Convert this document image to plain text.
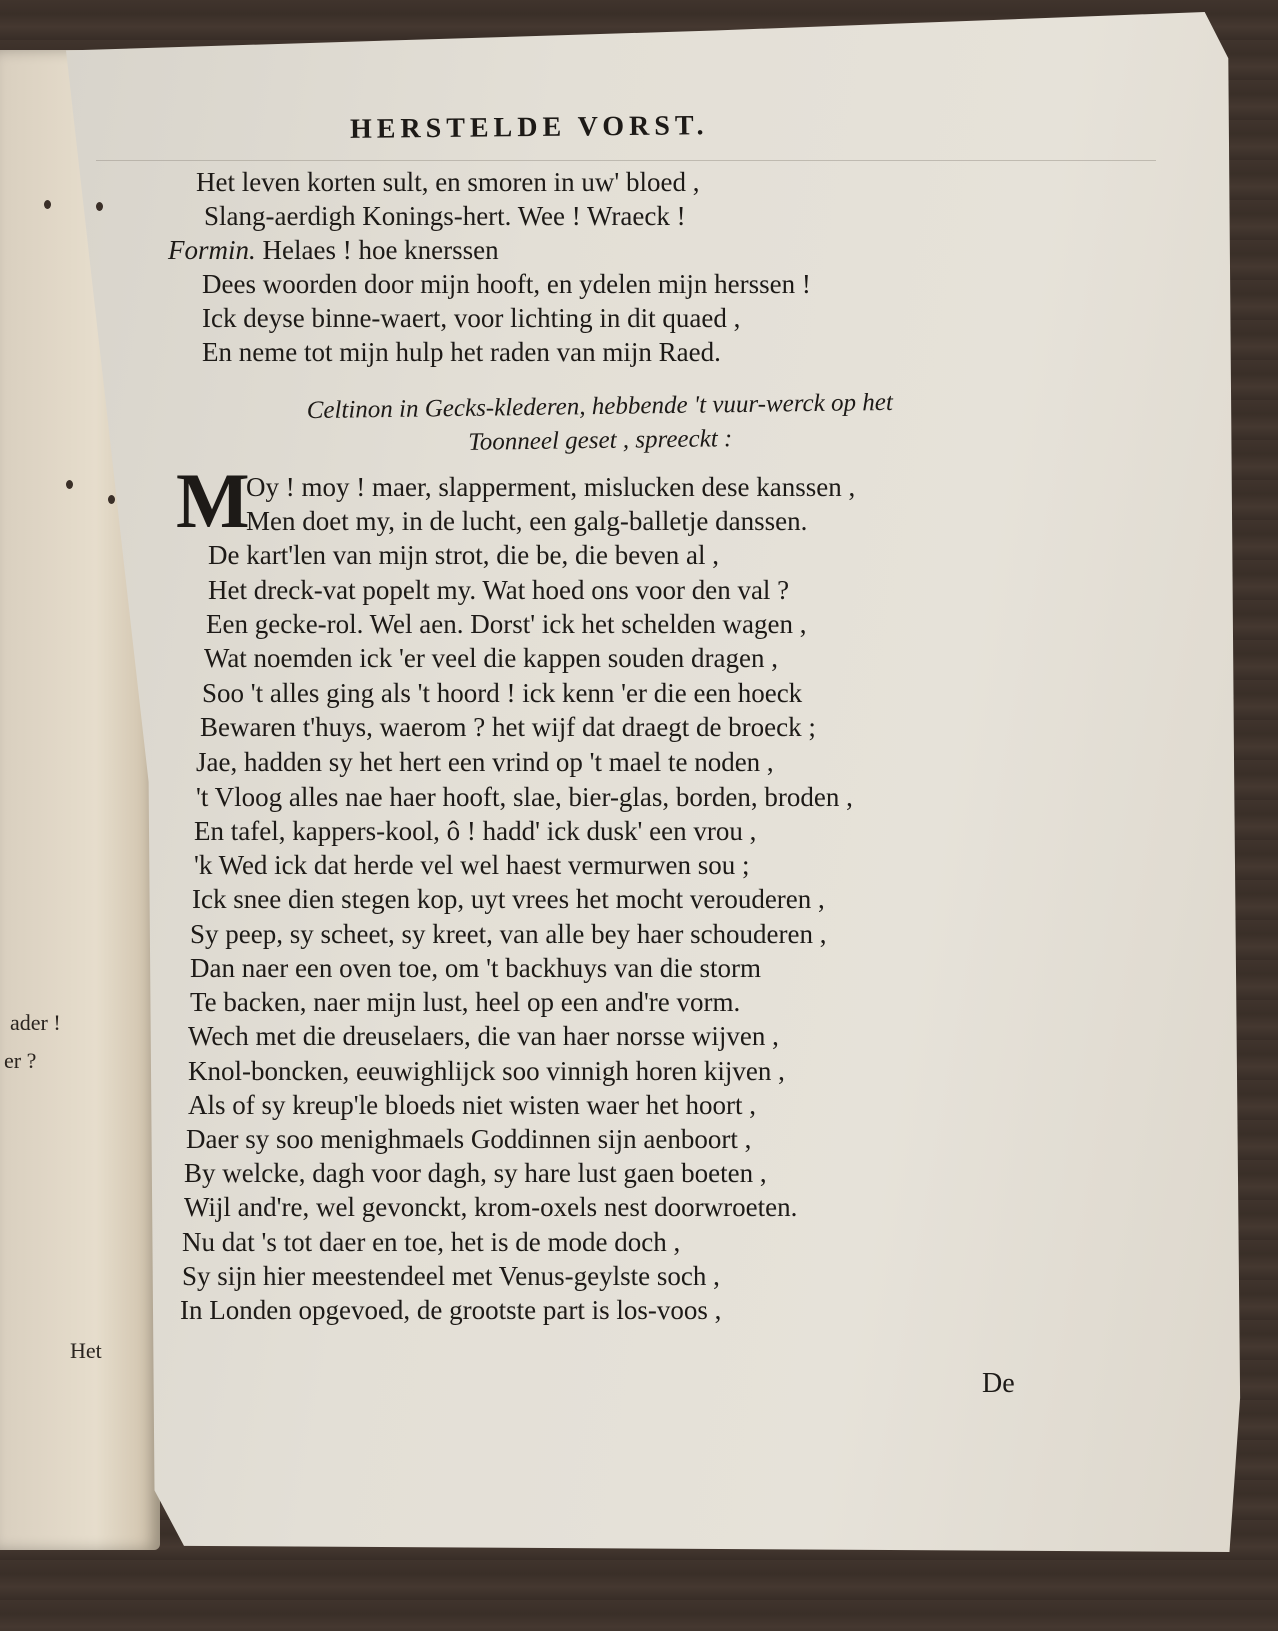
ader !
er ?
Het
HERSTELDE VORST.
Het leven korten sult, en smoren in uw' bloed ,
Slang-aerdigh Konings-hert. Wee ! Wraeck !
Formin. Helaes ! hoe knerssen
Dees woorden door mijn hooft, en ydelen mijn herssen !
Ick deyse binne-waert, voor lichting in dit quaed ,
En neme tot mijn hulp het raden van mijn Raed.
Celtinon in Gecks-klederen, hebbende 't vuur-werck op het
Toonneel geset , spreeckt :
M
Oy ! moy ! maer, slapperment, mislucken dese kanssen ,
Men doet my, in de lucht, een galg-balletje danssen.
De kart'len van mijn strot, die be, die beven al ,
Het dreck-vat popelt my. Wat hoed ons voor den val ?
Een gecke-rol. Wel aen. Dorst' ick het schelden wagen ,
Wat noemden ick 'er veel die kappen souden dragen ,
Soo 't alles ging als 't hoord ! ick kenn 'er die een hoeck
Bewaren t'huys, waerom ? het wijf dat draegt de broeck ;
Jae, hadden sy het hert een vrind op 't mael te noden ,
't Vloog alles nae haer hooft, slae, bier-glas, borden, broden ,
En tafel, kappers-kool, ô ! hadd' ick dusk' een vrou ,
'k Wed ick dat herde vel wel haest vermurwen sou ;
Ick snee dien stegen kop, uyt vrees het mocht verouderen ,
Sy peep, sy scheet, sy kreet, van alle bey haer schouderen ,
Dan naer een oven toe, om 't backhuys van die storm
Te backen, naer mijn lust, heel op een and're vorm.
Wech met die dreuselaers, die van haer norsse wijven ,
Knol-boncken, eeuwighlijck soo vinnigh horen kijven ,
Als of sy kreup'le bloeds niet wisten waer het hoort ,
Daer sy soo menighmaels Goddinnen sijn aenboort ,
By welcke, dagh voor dagh, sy hare lust gaen boeten ,
Wijl and're, wel gevonckt, krom-oxels nest doorwroeten.
Nu dat 's tot daer en toe, het is de mode doch ,
Sy sijn hier meestendeel met Venus-geylste soch ,
In Londen opgevoed, de grootste part is los-voos ,
De
